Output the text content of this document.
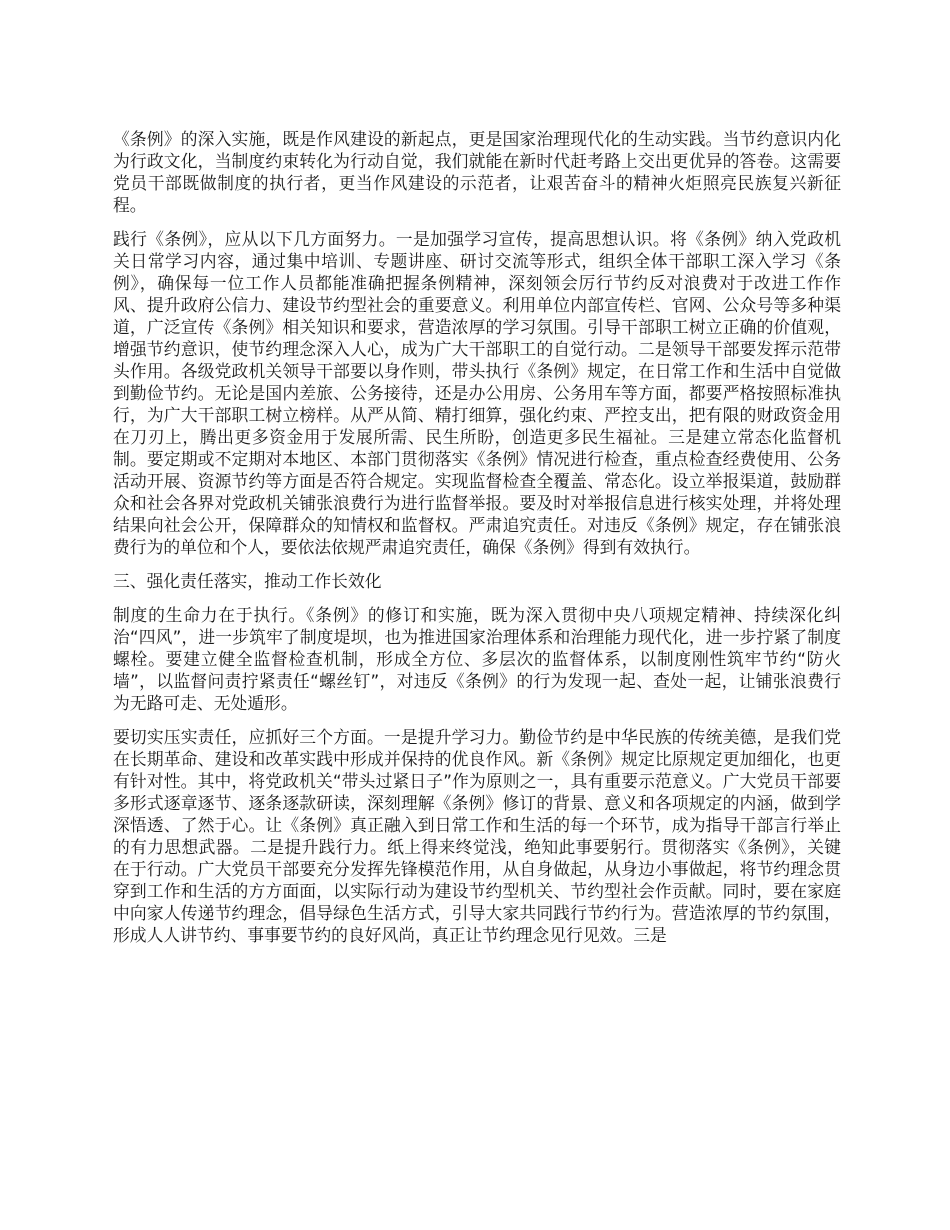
《条例》的深入实施，既是作风建设的新起点，更是国家治理现代化的生动实践。当节约意识内化为行政文化，当制度约束转化为行动自觉，我们就能在新时代赶考路上交出更优异的答卷。这需要党员干部既做制度的执行者，更当作风建设的示范者，让艰苦奋斗的精神火炬照亮民族复兴新征程。

践行《条例》，应从以下几方面努力。一是加强学习宣传，提高思想认识。将《条例》纳入党政机关日常学习内容，通过集中培训、专题讲座、研讨交流等形式，组织全体干部职工深入学习《条例》，确保每一位工作人员都能准确把握条例精神，深刻领会厉行节约反对浪费对于改进工作作风、提升政府公信力、建设节约型社会的重要意义。利用单位内部宣传栏、官网、公众号等多种渠道，广泛宣传《条例》相关知识和要求，营造浓厚的学习氛围。引导干部职工树立正确的价值观，增强节约意识，使节约理念深入人心，成为广大干部职工的自觉行动。二是领导干部要发挥示范带头作用。各级党政机关领导干部要以身作则，带头执行《条例》规定，在日常工作和生活中自觉做到勤俭节约。无论是国内差旅、公务接待，还是办公用房、公务用车等方面，都要严格按照标准执行，为广大干部职工树立榜样。从严从简、精打细算，强化约束、严控支出，把有限的财政资金用在刀刃上，腾出更多资金用于发展所需、民生所盼，创造更多民生福祉。三是建立常态化监督机制。要定期或不定期对本地区、本部门贯彻落实《条例》情况进行检查，重点检查经费使用、公务活动开展、资源节约等方面是否符合规定。实现监督检查全覆盖、常态化。设立举报渠道，鼓励群众和社会各界对党政机关铺张浪费行为进行监督举报。要及时对举报信息进行核实处理，并将处理结果向社会公开，保障群众的知情权和监督权。严肃追究责任。对违反《条例》规定，存在铺张浪费行为的单位和个人，要依法依规严肃追究责任，确保《条例》得到有效执行。

三、强化责任落实，推动工作长效化

制度的生命力在于执行。《条例》的修订和实施，既为深入贯彻中央八项规定精神、持续深化纠治“四风”，进一步筑牢了制度堤坝，也为推进国家治理体系和治理能力现代化，进一步拧紧了制度螺栓。要建立健全监督检查机制，形成全方位、多层次的监督体系，以制度刚性筑牢节约“防火墙”，以监督问责拧紧责任“螺丝钉”，对违反《条例》的行为发现一起、查处一起，让铺张浪费行为无路可走、无处遁形。

要切实压实责任，应抓好三个方面。一是提升学习力。勤俭节约是中华民族的传统美德，是我们党在长期革命、建设和改革实践中形成并保持的优良作风。新《条例》规定比原规定更加细化，也更有针对性。其中，将党政机关“带头过紧日子”作为原则之一，具有重要示范意义。广大党员干部要多形式逐章逐节、逐条逐款研读，深刻理解《条例》修订的背景、意义和各项规定的内涵，做到学深悟透、了然于心。让《条例》真正融入到日常工作和生活的每一个环节，成为指导干部言行举止的有力思想武器。二是提升践行力。纸上得来终觉浅，绝知此事要躬行。贯彻落实《条例》，关键在于行动。广大党员干部要充分发挥先锋模范作用，从自身做起，从身边小事做起，将节约理念贯穿到工作和生活的方方面面，以实际行动为建设节约型机关、节约型社会作贡献。同时，要在家庭中向家人传递节约理念，倡导绿色生活方式，引导大家共同践行节约行为。营造浓厚的节约氛围，形成人人讲节约、事事要节约的良好风尚，真正让节约理念见行见效。三是
